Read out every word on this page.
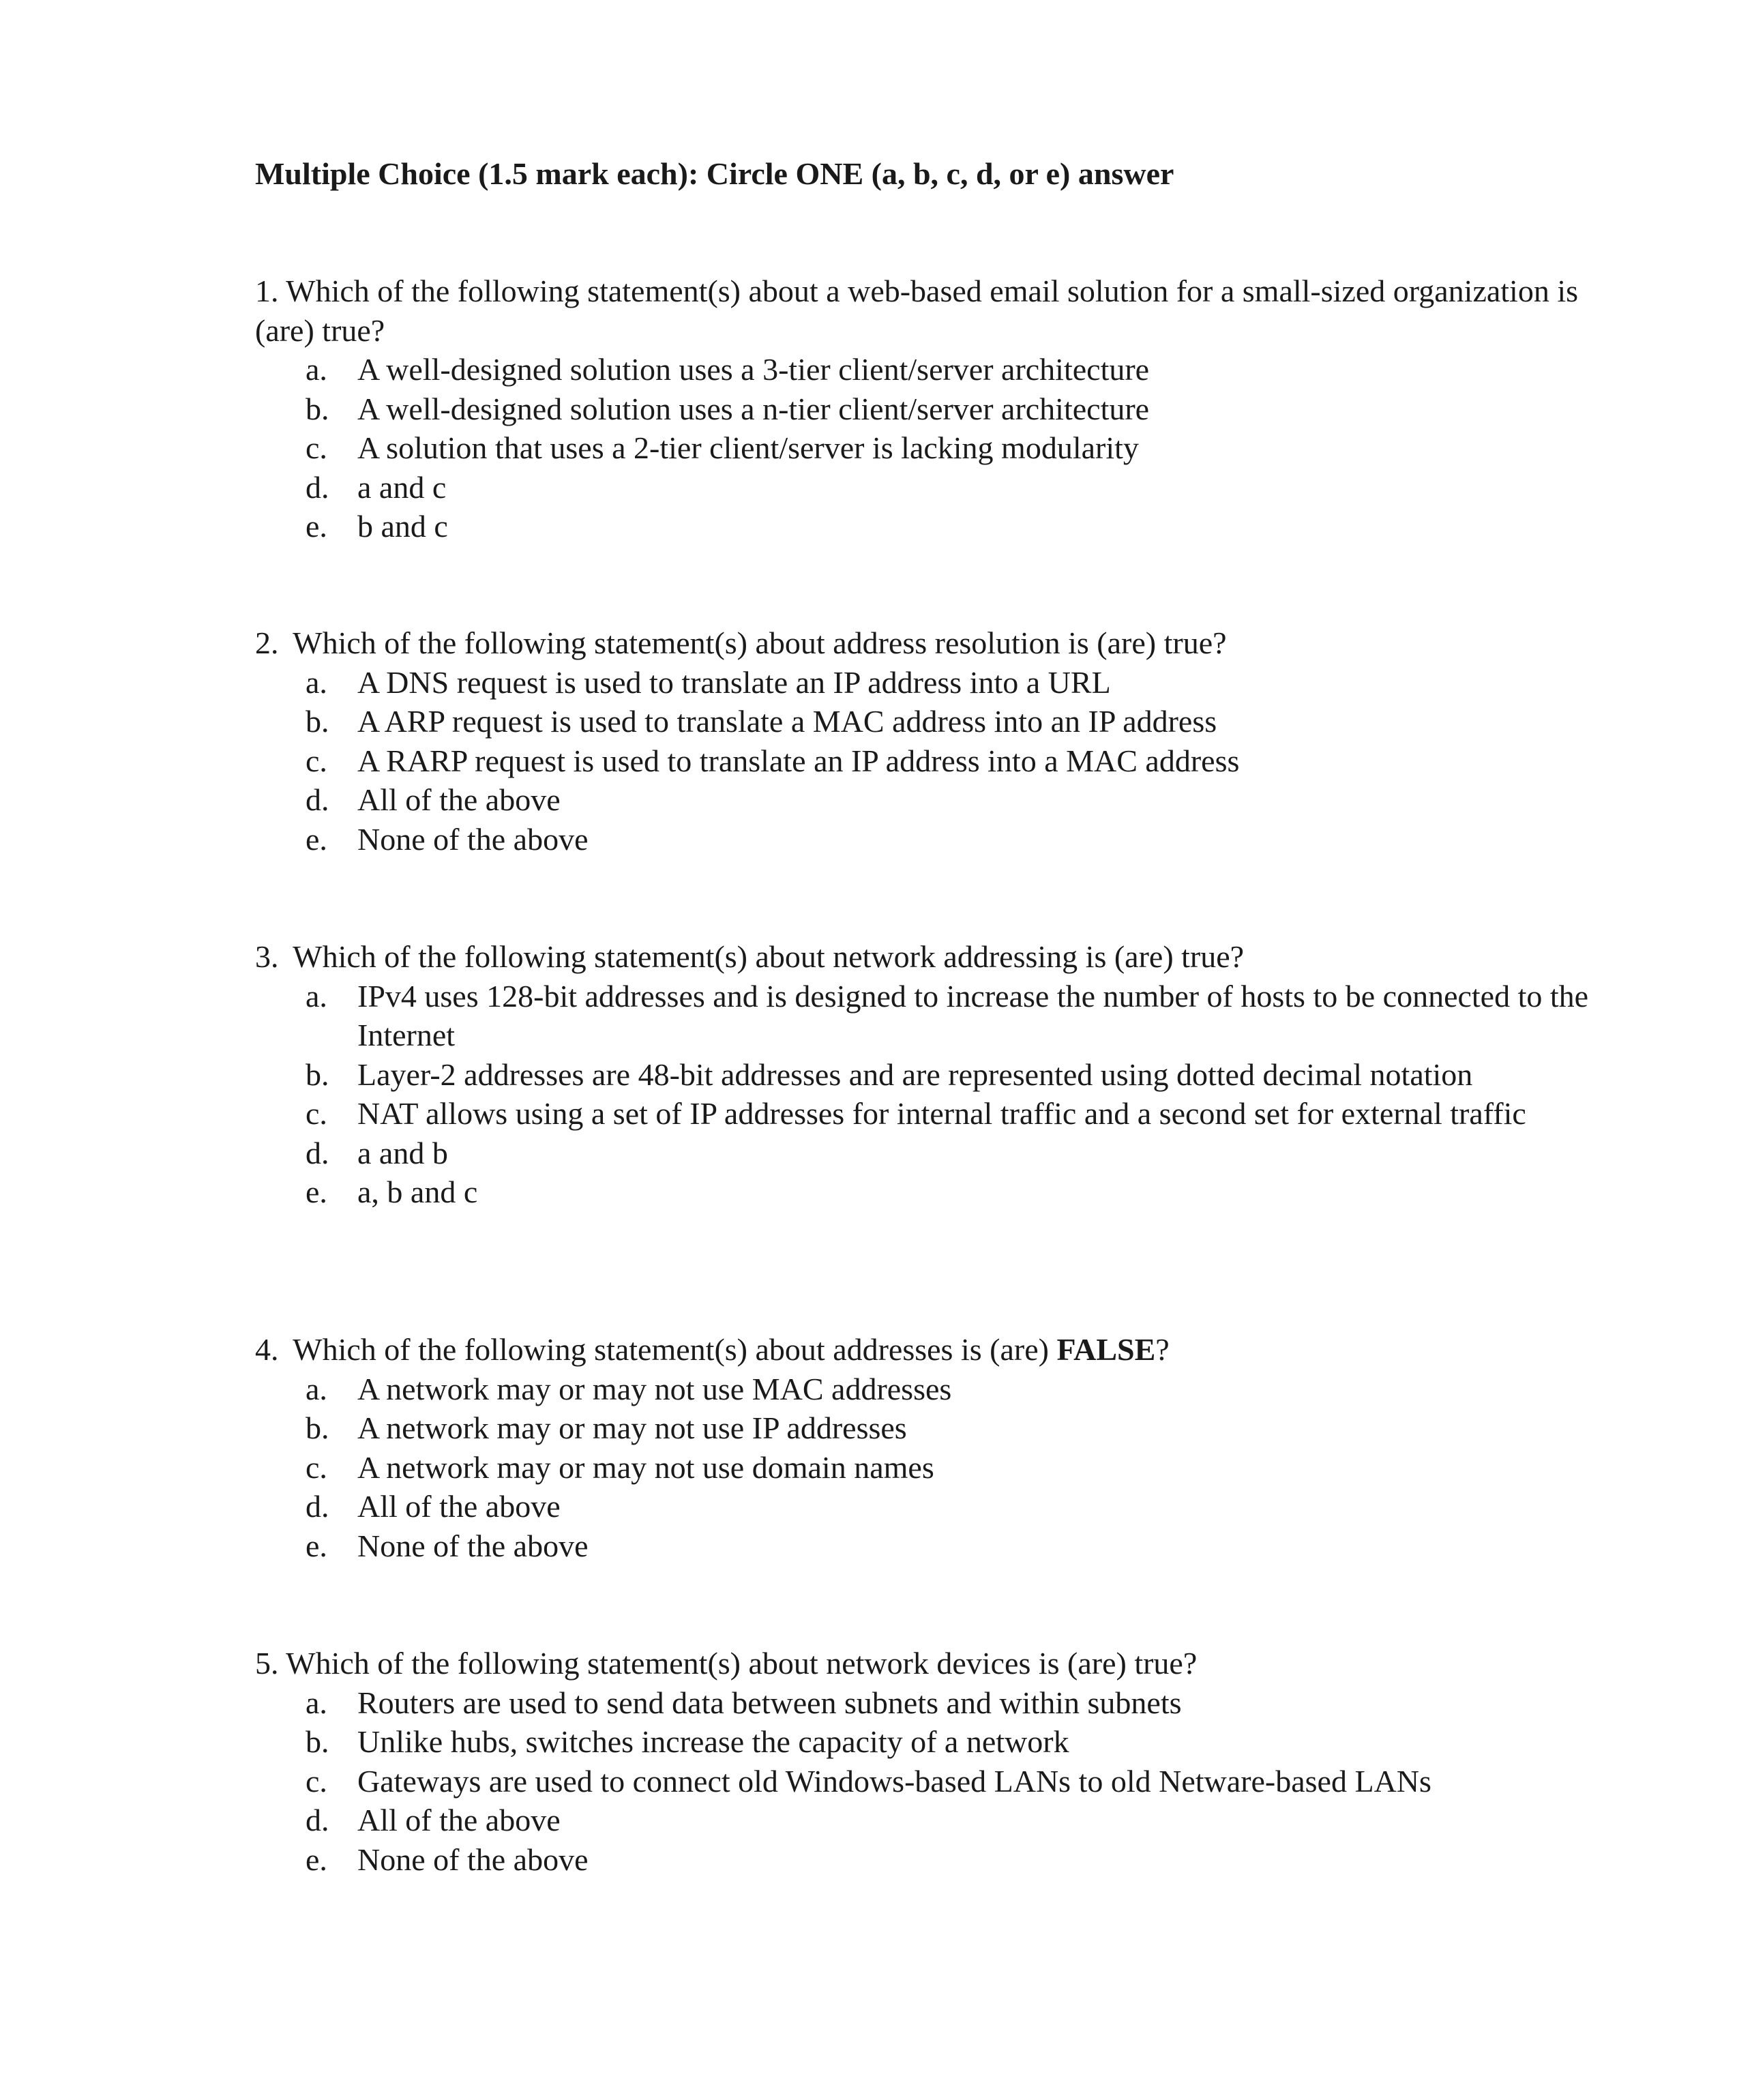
Multiple Choice (1.5 mark each): Circle ONE (a, b, c, d, or e) answer

1. Which of the following statement(s) about a web-based email solution for a small-sized organization is (are) true?

a. A well-designed solution uses a 3-tier client/server architecture
b. A well-designed solution uses a n-tier client/server architecture
c. A solution that uses a 2-tier client/server is lacking modularity
d. a and c
e. b and c

2. Which of the following statement(s) about address resolution is (are) true?

a. A DNS request is used to translate an IP address into a URL
b. A ARP request is used to translate a MAC address into an IP address
c. A RARP request is used to translate an IP address into a MAC address
d. All of the above
e. None of the above

3. Which of the following statement(s) about network addressing is (are) true?

a. IPv4 uses 128-bit addresses and is designed to increase the number of hosts to be connected to the Internet
b. Layer-2 addresses are 48-bit addresses and are represented using dotted decimal notation
c. NAT allows using a set of IP addresses for internal traffic and a second set for external traffic
d. a and b
e. a, b and c

4. Which of the following statement(s) about addresses is (are) FALSE?

a. A network may or may not use MAC addresses
b. A network may or may not use IP addresses
c. A network may or may not use domain names
d. All of the above
e. None of the above

5. Which of the following statement(s) about network devices is (are) true?

a. Routers are used to send data between subnets and within subnets
b. Unlike hubs, switches increase the capacity of a network
c. Gateways are used to connect old Windows-based LANs to old Netware-based LANs
d. All of the above
e. None of the above
